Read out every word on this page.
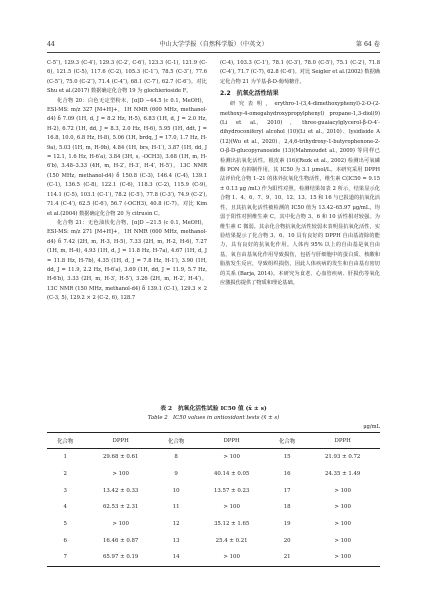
44	中山大学学报（自然科学版）（中英文）	第 64 卷

C-5′′), 129.3 (C-4′), 129.3 (C-2′, C-6′), 123.3 (C-1), 121.9 (C-6), 121.5 (C-5), 117.6 (C-2), 105.3 (C-1′′), 78.5 (C-3′′), 77.6 (C-5′′), 75.0 (C-2′′), 71.4 (C-4′′), 68.1 (C-7′), 62.7 (C-6′′)。对比 Shu et al.(2017) 数据确定化合物 19 为 glochierioside F。

化合物 20：白色无定型粉末，[α]D −44.5 (c 0.1, MeOH)，ESI-MS: m/z 327 [M+H]+，1H NMR (600 MHz, methanol-d4) δ 7.09 (1H, d, J = 8.2 Hz, H-5), 6.83 (1H, d, J = 2.0 Hz, H-2), 6.72 (1H, dd, J = 8.3, 2.0 Hz, H-6), 5.95 (1H, ddt, J = 16.8, 10.0, 6.8 Hz, H-8), 5.06 (1H, brdq, J = 17.0, 1.7 Hz, H-9a), 5.03 (1H, m, H-9b), 4.84 (1H, brs, H-1′), 3.87 (1H, dd, J = 12.1, 1.6 Hz, H-6′a), 3.84 (3H, s, -OCH3), 3.68 (1H, m, H-6′b), 3.48–3.33 (4H, m, H-2′, H-3′, H-4′, H-5′)。13C NMR (150 MHz, methanol-d4) δ 150.8 (C-3), 146.4 (C-4), 139.1 (C-1), 136.5 (C-8), 122.1 (C-6), 118.3 (C-2), 115.9 (C-9), 114.1 (C-5), 103.1 (C-1′), 78.2 (C-5′), 77.8 (C-3′), 74.9 (C-2′), 71.4 (C-4′), 62.5 (C-6′), 56.7 (-OCH3), 40.8 (C-7)。对比 Kim et al.(2004) 数据确定化合物 20 为 citrusin C。

化合物 21：无色油状化合物，[α]D −21.5 (c 0.1, MeOH)，ESI-MS: m/z 271 [M+H]+，1H NMR (600 MHz, methanol-d4) δ 7.42 (2H, m, H-3, H-5), 7.33 (2H, m, H-2, H-6), 7.27 (1H, m, H-4), 4.93 (1H, d, J = 11.8 Hz, H-7a), 4.67 (1H, d, J = 11.8 Hz, H-7b), 4.35 (1H, d, J = 7.8 Hz, H-1′), 3.90 (1H, dd, J = 11.9, 2.2 Hz, H-6′a), 3.69 (1H, dd, J = 11.9, 5.7 Hz, H-6′b), 3.33 (2H, m, H-3′, H-5′), 3.26 (2H, m, H-2′, H-4′)。13C NMR (150 MHz, methanol-d4) δ 139.1 (C-1), 129.3 × 2 (C-3, 5), 129.2 × 2 (C-2, 6), 128.7

(C-4), 103.3 (C-1′), 78.1 (C-3′), 78.0 (C-5′), 75.1 (C-2′), 71.8 (C-4′), 71.7 (C-7), 62.8 (C-6′)。对比 Seigler et al.(2002) 数据确定化合物 21 为苄基-β-D-葡萄糖苷。

2.2　抗氧化活性结果

研究表明，erythro-1-(3,4-dimethoxyphenyl)-2-O-(2-methoxy-4-omegahydroxypropylphenyl) propane-1,3-diol(9)(Li et al., 2010)、three-guaiacylglycerol-β-O-4′-dihydroconiferyl alcohol (10)(Li et al., 2010)、lysidiside A (12)(Wu et al., 2020)、2,4,6-trihydroxy-1-butyrophenone-2-O-β-D-glucopyranoside (13)(Mahmoudet al., 2009) 等同样已检测出抗氧化活性。根皮素 (16)(Rezk et al., 2002) 检测出可氧磷酶 PON 有抑制作用，其 IC50 为 3.1 μmol/L。本研究采用 DPPH 法评价化合物 1–21 的体外抗氧化生物活性，维生素 C(IC50 = 9.15 ± 0.13 μg /mL) 作为阳性对照。检测结果如表 2 所示，结果显示化合物 1、4、6、7、9、10、12、13、15 和 16 与已报道的抗氧化活性，且其抗氧化活性被检测的 IC50 值为 13.42–65.97 μg/mL，均弱于阳性对照维生素 C。其中化合物 3、6 和 10 活性相对较强。为维生素 C 微弱。其余化合物抗氧化活性较弱未表明显抗氧化活性，实验结果提示了化合物 3、6、10 具有良好的 DPPH 自由基清除的能力，具有良好的抗氧化作用。人体内 95% 以上的自由基是氧自由基，氧自由基氧化作用导致损伤，包括与肝细胞中的蛋白质、核酸和脂肪发生反应，导致组织损伤，因此人体疾病的发生和自由基有密切的关系 (Barja, 2014)。本研究为食老、心血管疾病、肝损伤等氧化应激损伤提供了物质和理论基础。

表 2　抗氧化活性试验 IC50 值 (x̄ ± s)
Table 2　IC50 values in antioxidant tests (x̄ ± s)
μg/mL
化合物	DPPH	化合物	DPPH	化合物	DPPH
1	29.68 ± 0.61	8	> 100	15	21.93 ± 0.72
2	> 100	9	40.14 ± 0.05	16	24.35 ± 1.49
3	13.42 ± 0.33	10	13.57 ± 0.23	17	> 100
4	62.53 ± 2.31	11	> 100	18	> 100
5	> 100	12	35.12 ± 1.65	19	> 100
6	16.46 ± 0.87	13	25.4 ± 0.21	20	> 100
7	65.97 ± 0.19	14	> 100	21	> 100
